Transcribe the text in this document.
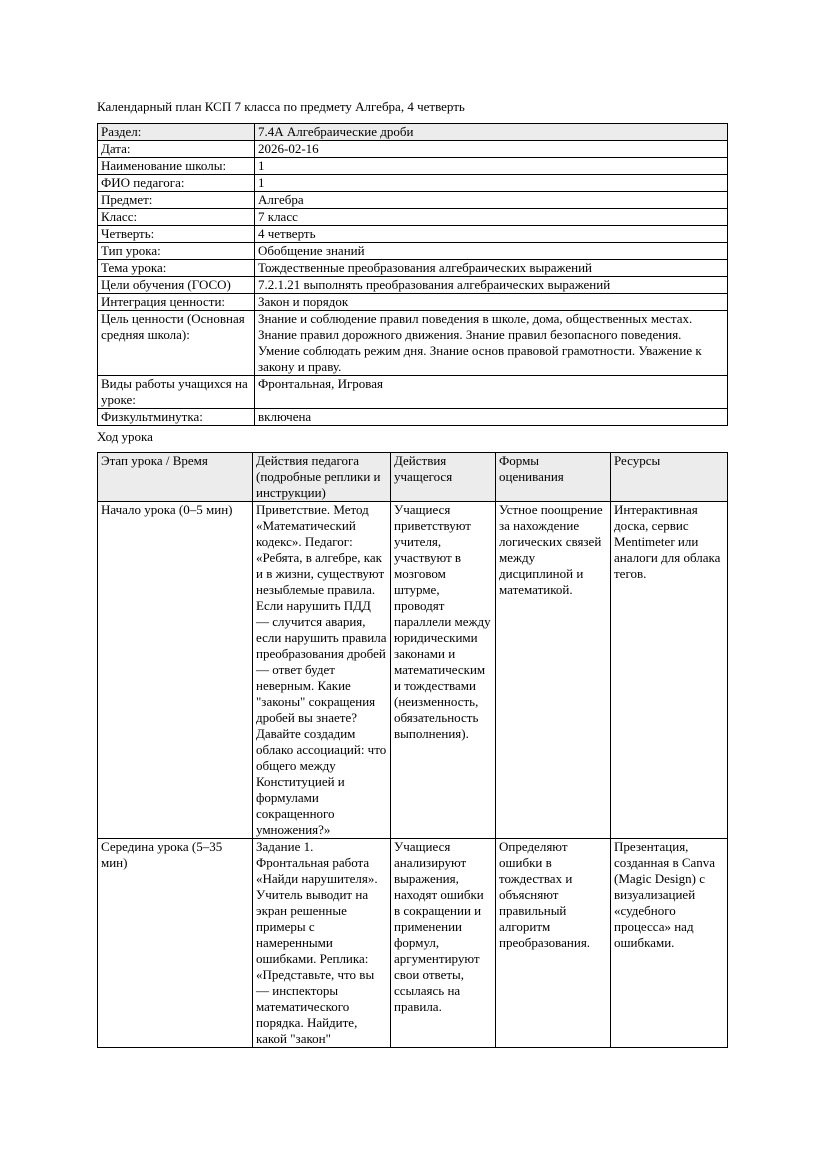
Календарный план КСП 7 класса по предмету Алгебра, 4 четверть

Раздел:	7.4А Алгебраические дроби
Дата:	2026-02-16
Наименование школы:	1
ФИО педагога:	1
Предмет:	Алгебра
Класс:	7 класс
Четверть:	4 четверть
Тип урока:	Обобщение знаний
Тема урока:	Тождественные преобразования алгебраических выражений
Цели обучения (ГОСО)	7.2.1.21 выполнять преобразования алгебраических выражений
Интеграция ценности:	Закон и порядок
Цель ценности (Основная средняя школа):	Знание и соблюдение правил поведения в школе, дома, общественных местах. Знание правил дорожного движения. Знание правил безопасного поведения. Умение соблюдать режим дня. Знание основ правовой грамотности. Уважение к закону и праву.
Виды работы учащихся на уроке:	Фронтальная, Игровая
Физкультминутка:	включена

Ход урока

Этап урока / Время	Действия педагога (подробные реплики и инструкции)	Действия учащегося	Формы оценивания	Ресурсы
Начало урока (0–5 мин)	Приветствие. Метод «Математический кодекс». Педагог: «Ребята, в алгебре, как и в жизни, существуют незыблемые правила. Если нарушить ПДД — случится авария, если нарушить правила преобразования дробей — ответ будет неверным. Какие "законы" сокращения дробей вы знаете? Давайте создадим облако ассоциаций: что общего между Конституцией и формулами сокращенного умножения?»	Учащиеся приветствуют учителя, участвуют в мозговом штурме, проводят параллели между юридическими законами и математическими тождествами (неизменность, обязательность выполнения).	Устное поощрение за нахождение логических связей между дисциплиной и математикой.	Интерактивная доска, сервис Mentimeter или аналоги для облака тегов.
Середина урока (5–35 мин)	Задание 1. Фронтальная работа «Найди нарушителя». Учитель выводит на экран решенные примеры с намеренными ошибками. Реплика: «Представьте, что вы — инспекторы математического порядка. Найдите, какой "закон"	Учащиеся анализируют выражения, находят ошибки в сокращении и применении формул, аргументируют свои ответы, ссылаясь на правила.	Определяют ошибки в тождествах и объясняют правильный алгоритм преобразования.	Презентация, созданная в Canva (Magic Design) с визуализацией «судебного процесса» над ошибками.
